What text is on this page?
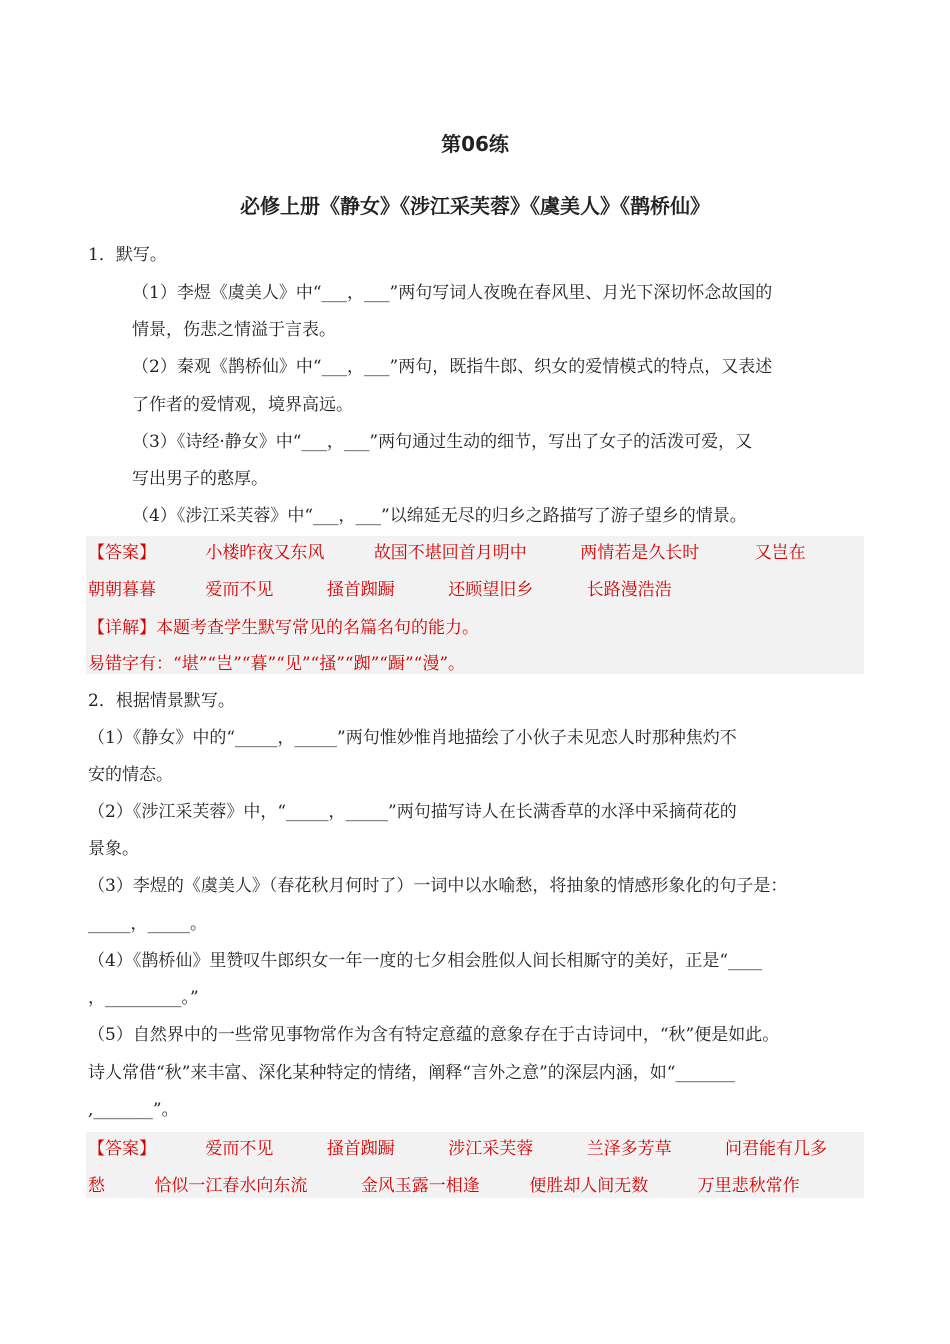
第06练
必修上册《静女》《涉江采芙蓉》《虞美人》《鹊桥仙》
1．默写。
（1）李煜《虞美人》中“___，___”两句写词人夜晚在春风里、月光下深切怀念故国的
情景，伤悲之情溢于言表。
（2）秦观《鹊桥仙》中“___，___”两句，既指牛郎、织女的爱情模式的特点，又表述
了作者的爱情观，境界高远。
（3）《诗经·静女》中“___，___”两句通过生动的细节，写出了女子的活泼可爱，又
写出男子的憨厚。
（4）《涉江采芙蓉》中“___，___”以绵延无尽的归乡之路描写了游子望乡的情景。
【答案】	小楼昨夜又东风	故国不堪回首月明中	两情若是久长时	又岂在
朝朝暮暮	爱而不见	搔首踟蹰	还顾望旧乡	长路漫浩浩
【详解】本题考查学生默写常见的名篇名句的能力。
易错字有：“堪”“岂”“暮”“见”“搔”“踟”“蹰”“漫”。
2．根据情景默写。
（1）《静女》中的“_____，_____”两句惟妙惟肖地描绘了小伙子未见恋人时那种焦灼不
安的情态。
（2）《涉江采芙蓉》中，“_____，_____”两句描写诗人在长满香草的水泽中采摘荷花的
景象。
（3）李煜的《虞美人》（春花秋月何时了）一词中以水喻愁，将抽象的情感形象化的句子是：
_____，_____。
（4）《鹊桥仙》里赞叹牛郎织女一年一度的七夕相会胜似人间长相厮守的美好，正是“____
，_________。”
（5）自然界中的一些常见事物常作为含有特定意蕴的意象存在于古诗词中，“秋”便是如此。
诗人常借“秋”来丰富、深化某种特定的情绪，阐释“言外之意”的深层内涵，如“_______
,_______”。
【答案】	爱而不见	搔首踟蹰	涉江采芙蓉	兰泽多芳草	问君能有几多
愁	恰似一江春水向东流	金风玉露一相逢	便胜却人间无数	万里悲秋常作
